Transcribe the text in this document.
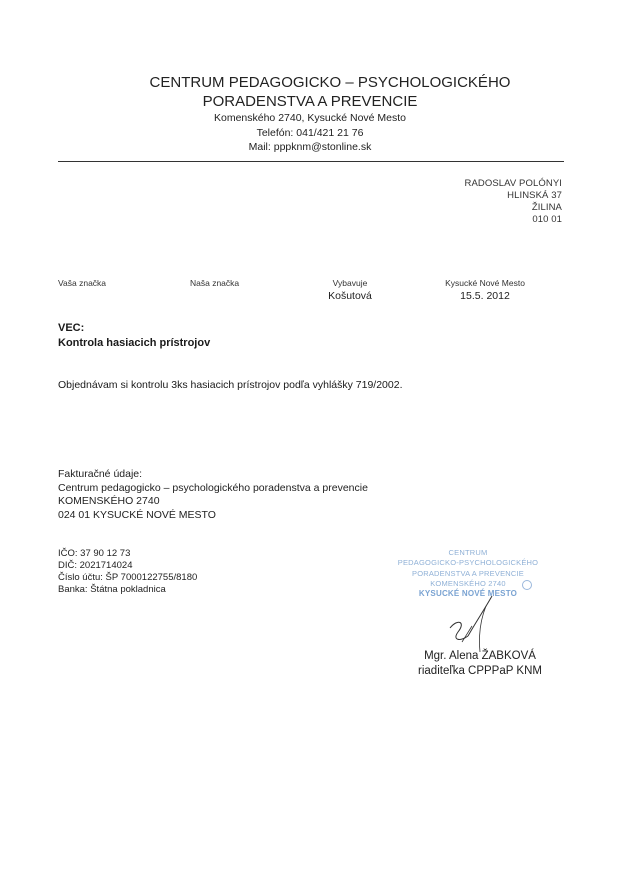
CENTRUM PEDAGOGICKO – PSYCHOLOGICKÉHO
PORADENSTVA A PREVENCIE
Komenského 2740, Kysucké Nové Mesto
Telefón: 041/421 21 76
Mail: pppknm@stonline.sk
RADOSLAV POLÓNYI
HLINSKÁ 37
ŽILINA
010 01
Vaša značka	Naša značka	Vybavuje
Košutová
Kysucké Nové Mesto
15.5. 2012
VEC:
Kontrola hasiacich prístrojov
Objednávam si kontrolu 3ks hasiacich prístrojov podľa vyhlášky 719/2002.
Fakturačné údaje:
Centrum pedagogicko – psychologického poradenstva a prevencie
KOMENSKÉHO 2740
024 01 KYSUCKÉ NOVÉ MESTO
IČO: 37 90 12 73
DIČ: 2021714024
Číslo účtu: ŠP 7000122755/8180
Banka: Štátna pokladnica
CENTRUM
PEDAGOGICKO-PSYCHOLOGICKÉHO
PORADENSTVA A PREVENCIE
KOMENSKÉHO 2740
KYSUCKÉ NOVÉ MESTO
Mgr. Alena ŽABKOVÁ
riaditeľka CPPPaP KNM
